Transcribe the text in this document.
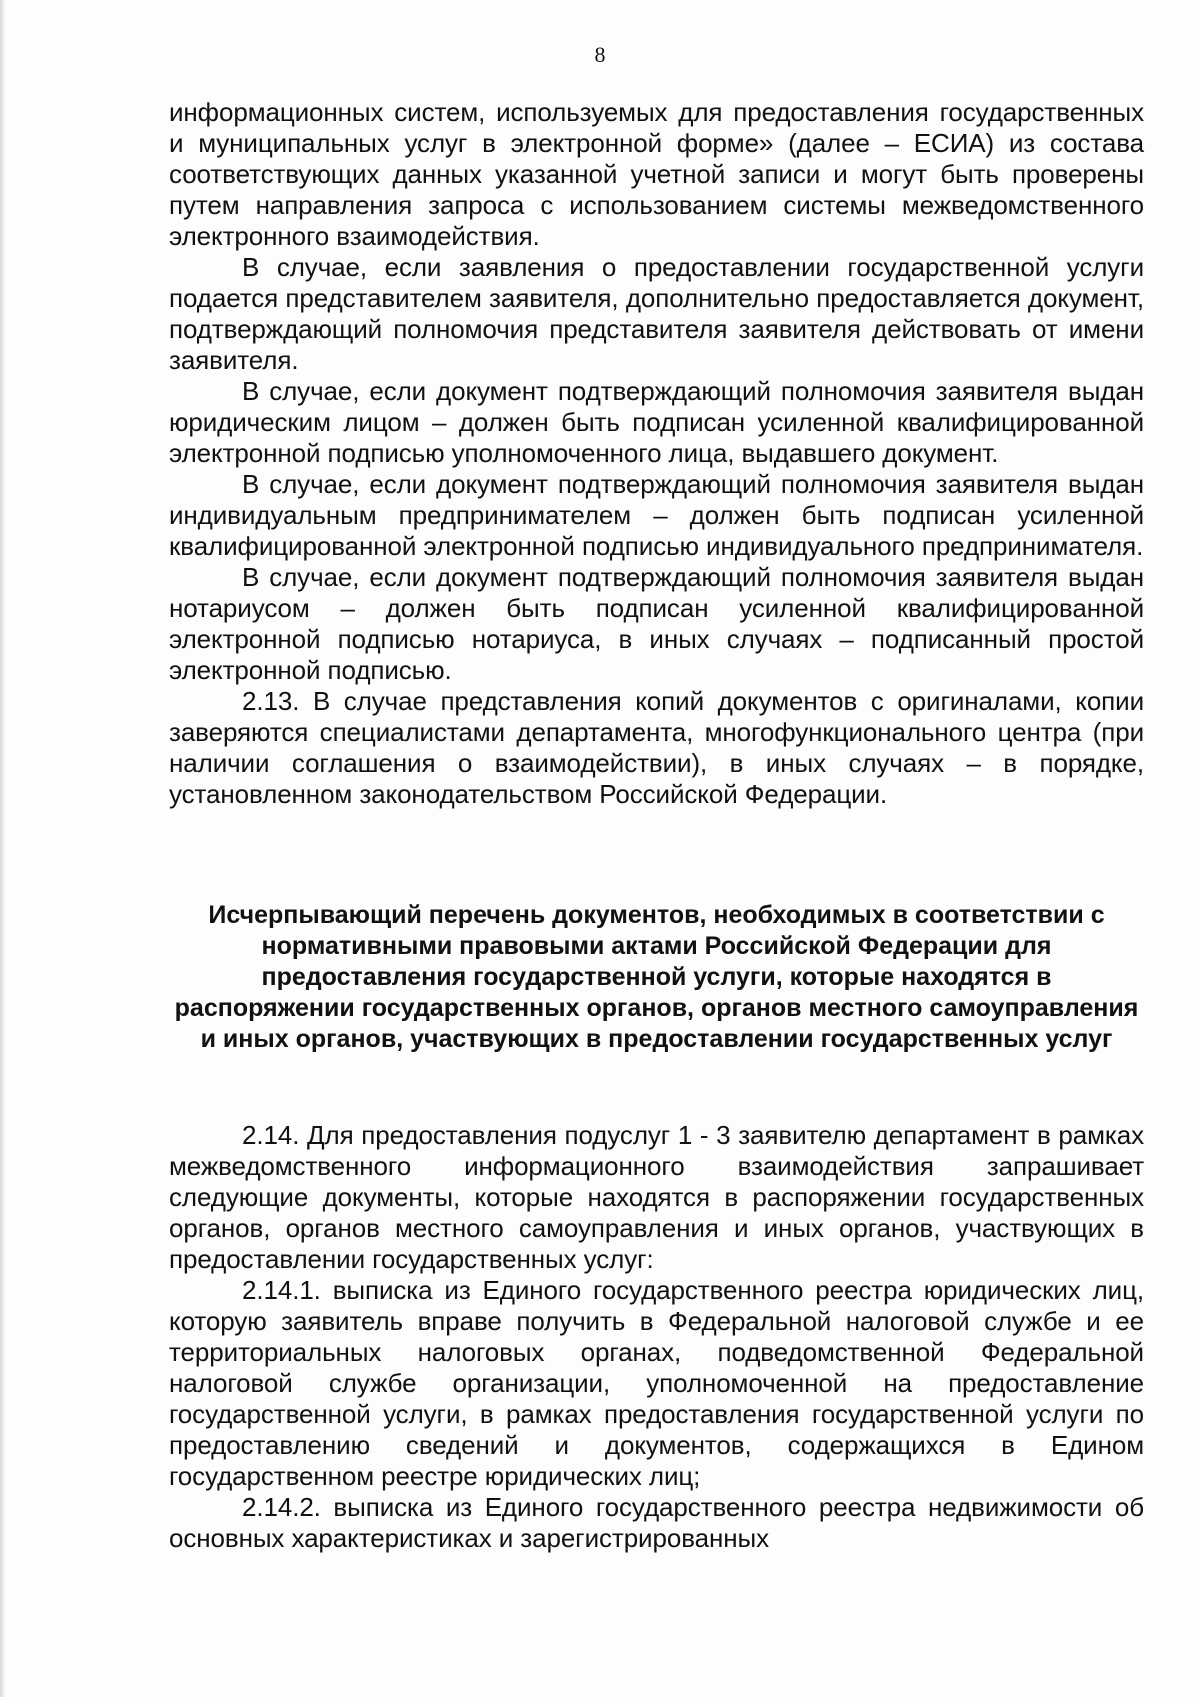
8

информационных систем, используемых для предоставления государственных и муниципальных услуг в электронной форме» (далее – ЕСИА) из состава соответствующих данных указанной учетной записи и могут быть проверены путем направления запроса с использованием системы межведомственного электронного взаимодействия.

В случае, если заявления о предоставлении государственной услуги подается представителем заявителя, дополнительно предоставляется документ, подтверждающий полномочия представителя заявителя действовать от имени заявителя.

В случае, если документ подтверждающий полномочия заявителя выдан юридическим лицом – должен быть подписан усиленной квалифицированной электронной подписью уполномоченного лица, выдавшего документ.

В случае, если документ подтверждающий полномочия заявителя выдан индивидуальным предпринимателем – должен быть подписан усиленной квалифицированной электронной подписью индивидуального предпринимателя.

В случае, если документ подтверждающий полномочия заявителя выдан нотариусом – должен быть подписан усиленной квалифицированной электронной подписью нотариуса, в иных случаях – подписанный простой электронной подписью.

2.13. В случае представления копий документов с оригиналами, копии заверяются специалистами департамента, многофункционального центра (при наличии соглашения о взаимодействии), в иных случаях – в порядке, установленном законодательством Российской Федерации.

Исчерпывающий перечень документов, необходимых в соответствии с нормативными правовыми актами Российской Федерации для предоставления государственной услуги, которые находятся в распоряжении государственных органов, органов местного самоуправления и иных органов, участвующих в предоставлении государственных услуг

2.14. Для предоставления подуслуг 1 - 3 заявителю департамент в рамках межведомственного информационного взаимодействия запрашивает следующие документы, которые находятся в распоряжении государственных органов, органов местного самоуправления и иных органов, участвующих в предоставлении государственных услуг:

2.14.1. выписка из Единого государственного реестра юридических лиц, которую заявитель вправе получить в Федеральной налоговой службе и ее территориальных налоговых органах, подведомственной Федеральной налоговой службе организации, уполномоченной на предоставление государственной услуги, в рамках предоставления государственной услуги по предоставлению сведений и документов, содержащихся в Едином государственном реестре юридических лиц;

2.14.2. выписка из Единого государственного реестра недвижимости об основных характеристиках и зарегистрированных
